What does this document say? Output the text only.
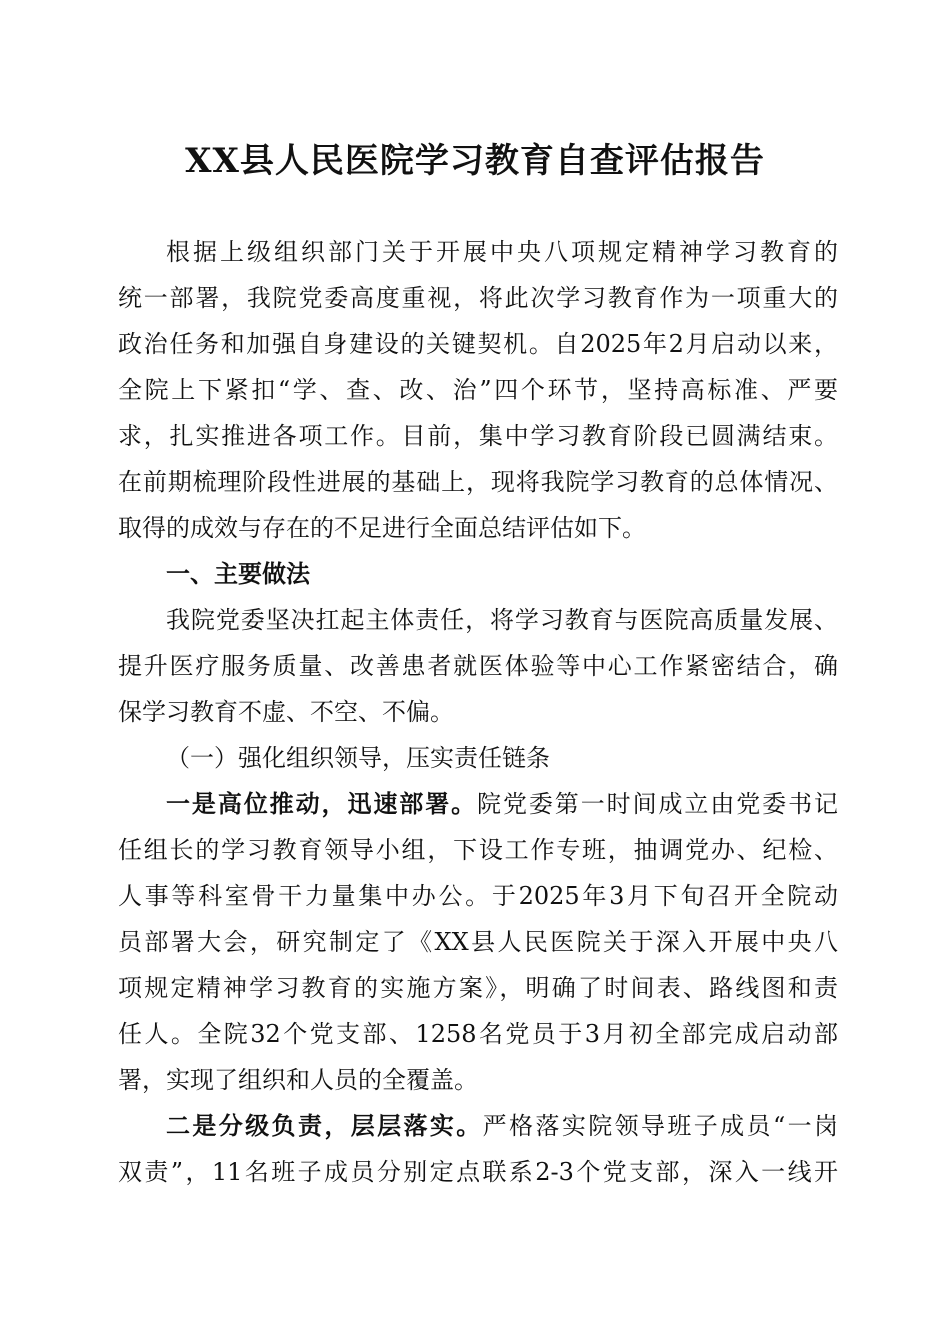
XX县人民医院学习教育自查评估报告
根据上级组织部门关于开展中央八项规定精神学习教育的
统一部署，我院党委高度重视，将此次学习教育作为一项重大的
政治任务和加强自身建设的关键契机。自2025年2月启动以来，
全院上下紧扣“学、查、改、治”四个环节，坚持高标准、严要
求，扎实推进各项工作。目前，集中学习教育阶段已圆满结束。
在前期梳理阶段性进展的基础上，现将我院学习教育的总体情况、
取得的成效与存在的不足进行全面总结评估如下。
一、主要做法
我院党委坚决扛起主体责任，将学习教育与医院高质量发展、
提升医疗服务质量、改善患者就医体验等中心工作紧密结合，确
保学习教育不虚、不空、不偏。
（一）强化组织领导，压实责任链条
一是高位推动，迅速部署。院党委第一时间成立由党委书记
任组长的学习教育领导小组，下设工作专班，抽调党办、纪检、
人事等科室骨干力量集中办公。于2025年3月下旬召开全院动
员部署大会，研究制定了《XX县人民医院关于深入开展中央八
项规定精神学习教育的实施方案》，明确了时间表、路线图和责
任人。全院32个党支部、1258名党员于3月初全部完成启动部
署，实现了组织和人员的全覆盖。
二是分级负责，层层落实。严格落实院领导班子成员“一岗
双责”，11名班子成员分别定点联系2-3个党支部，深入一线开
